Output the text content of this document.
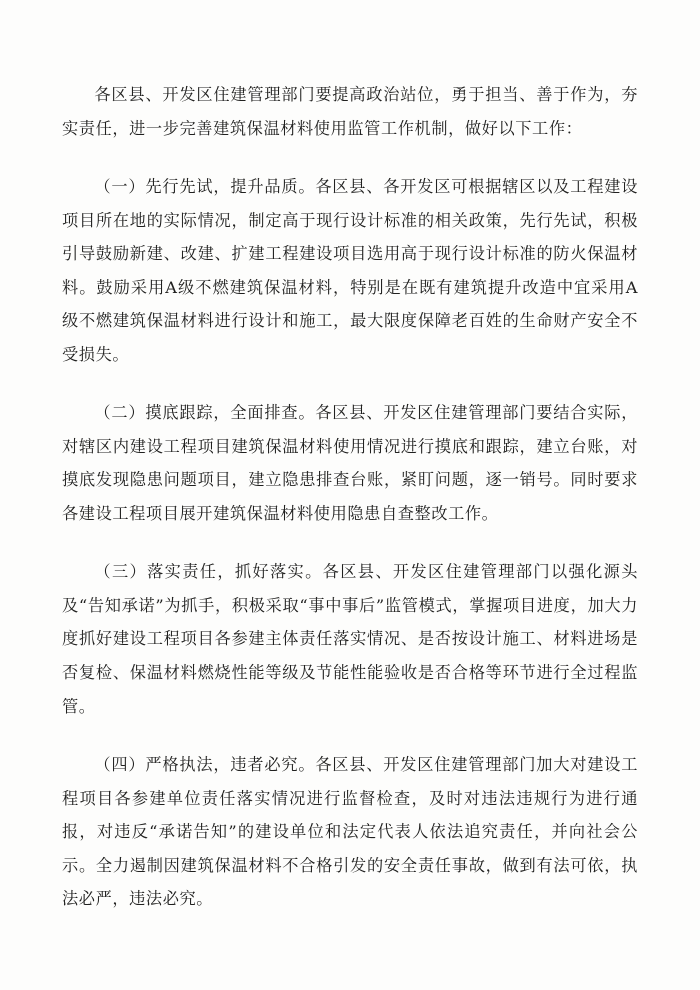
各区县、开发区住建管理部门要提高政治站位，勇于担当、善于作为，夯实责任，进一步完善建筑保温材料使用监管工作机制，做好以下工作：

（一）先行先试，提升品质。各区县、各开发区可根据辖区以及工程建设项目所在地的实际情况，制定高于现行设计标准的相关政策，先行先试，积极引导鼓励新建、改建、扩建工程建设项目选用高于现行设计标准的防火保温材料。鼓励采用A级不燃建筑保温材料，特别是在既有建筑提升改造中宜采用A级不燃建筑保温材料进行设计和施工，最大限度保障老百姓的生命财产安全不受损失。

（二）摸底跟踪，全面排查。各区县、开发区住建管理部门要结合实际，对辖区内建设工程项目建筑保温材料使用情况进行摸底和跟踪，建立台账，对摸底发现隐患问题项目，建立隐患排查台账，紧盯问题，逐一销号。同时要求各建设工程项目展开建筑保温材料使用隐患自查整改工作。

（三）落实责任，抓好落实。各区县、开发区住建管理部门以强化源头及“告知承诺”为抓手，积极采取“事中事后”监管模式，掌握项目进度，加大力度抓好建设工程项目各参建主体责任落实情况、是否按设计施工、材料进场是否复检、保温材料燃烧性能等级及节能性能验收是否合格等环节进行全过程监管。

（四）严格执法，违者必究。各区县、开发区住建管理部门加大对建设工程项目各参建单位责任落实情况进行监督检查，及时对违法违规行为进行通报，对违反“承诺告知”的建设单位和法定代表人依法追究责任，并向社会公示。全力遏制因建筑保温材料不合格引发的安全责任事故，做到有法可依，执法必严，违法必究。
